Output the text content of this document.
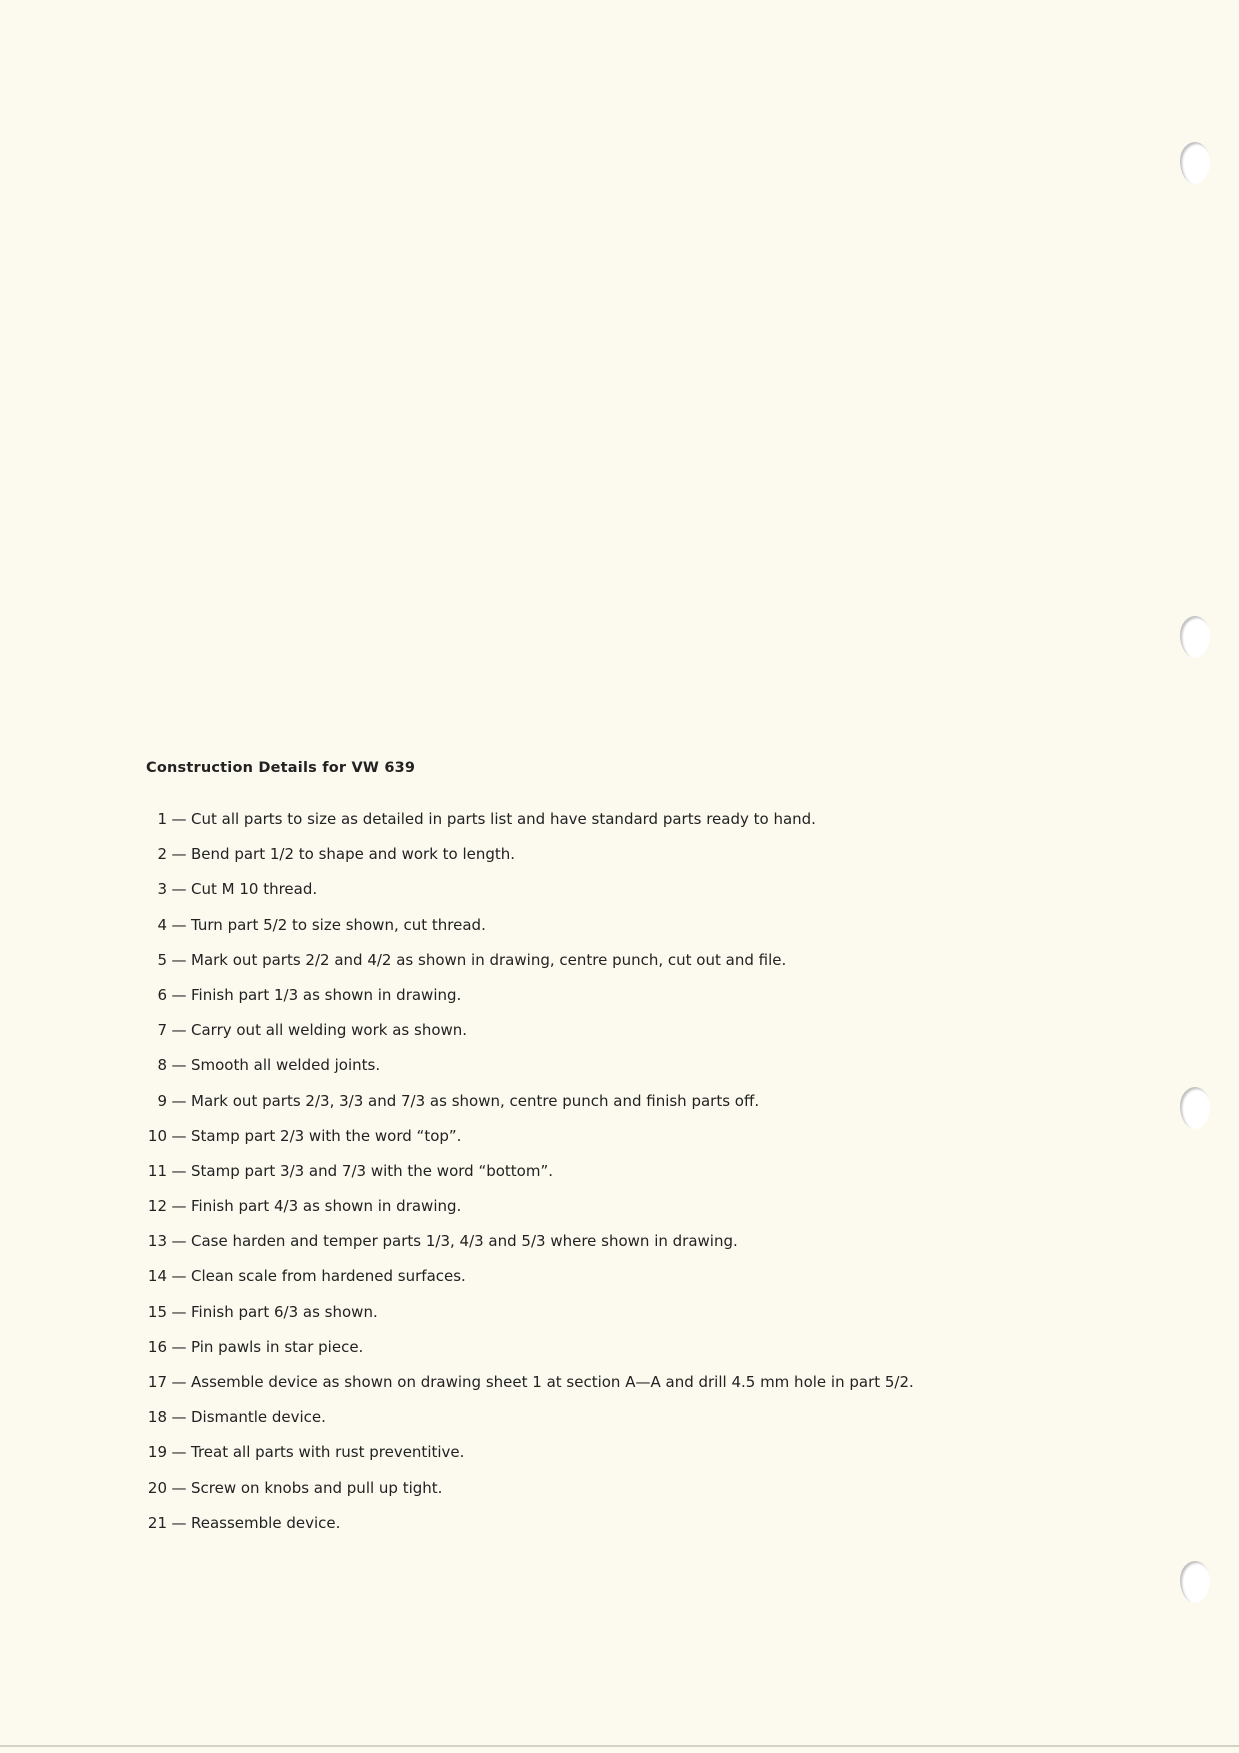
Construction Details for VW 639
1 — Cut all parts to size as detailed in parts list and have standard parts ready to hand.
2 — Bend part 1/2 to shape and work to length.
3 — Cut M 10 thread.
4 — Turn part 5/2 to size shown, cut thread.
5 — Mark out parts 2/2 and 4/2 as shown in drawing, centre punch, cut out and file.
6 — Finish part 1/3 as shown in drawing.
7 — Carry out all welding work as shown.
8 — Smooth all welded joints.
9 — Mark out parts 2/3, 3/3 and 7/3 as shown, centre punch and finish parts off.
10 — Stamp part 2/3 with the word “top”.
11 — Stamp part 3/3 and 7/3 with the word “bottom”.
12 — Finish part 4/3 as shown in drawing.
13 — Case harden and temper parts 1/3, 4/3 and 5/3 where shown in drawing.
14 — Clean scale from hardened surfaces.
15 — Finish part 6/3 as shown.
16 — Pin pawls in star piece.
17 — Assemble device as shown on drawing sheet 1 at section A—A and drill 4.5 mm hole in part 5/2.
18 — Dismantle device.
19 — Treat all parts with rust preventitive.
20 — Screw on knobs and pull up tight.
21 — Reassemble device.
